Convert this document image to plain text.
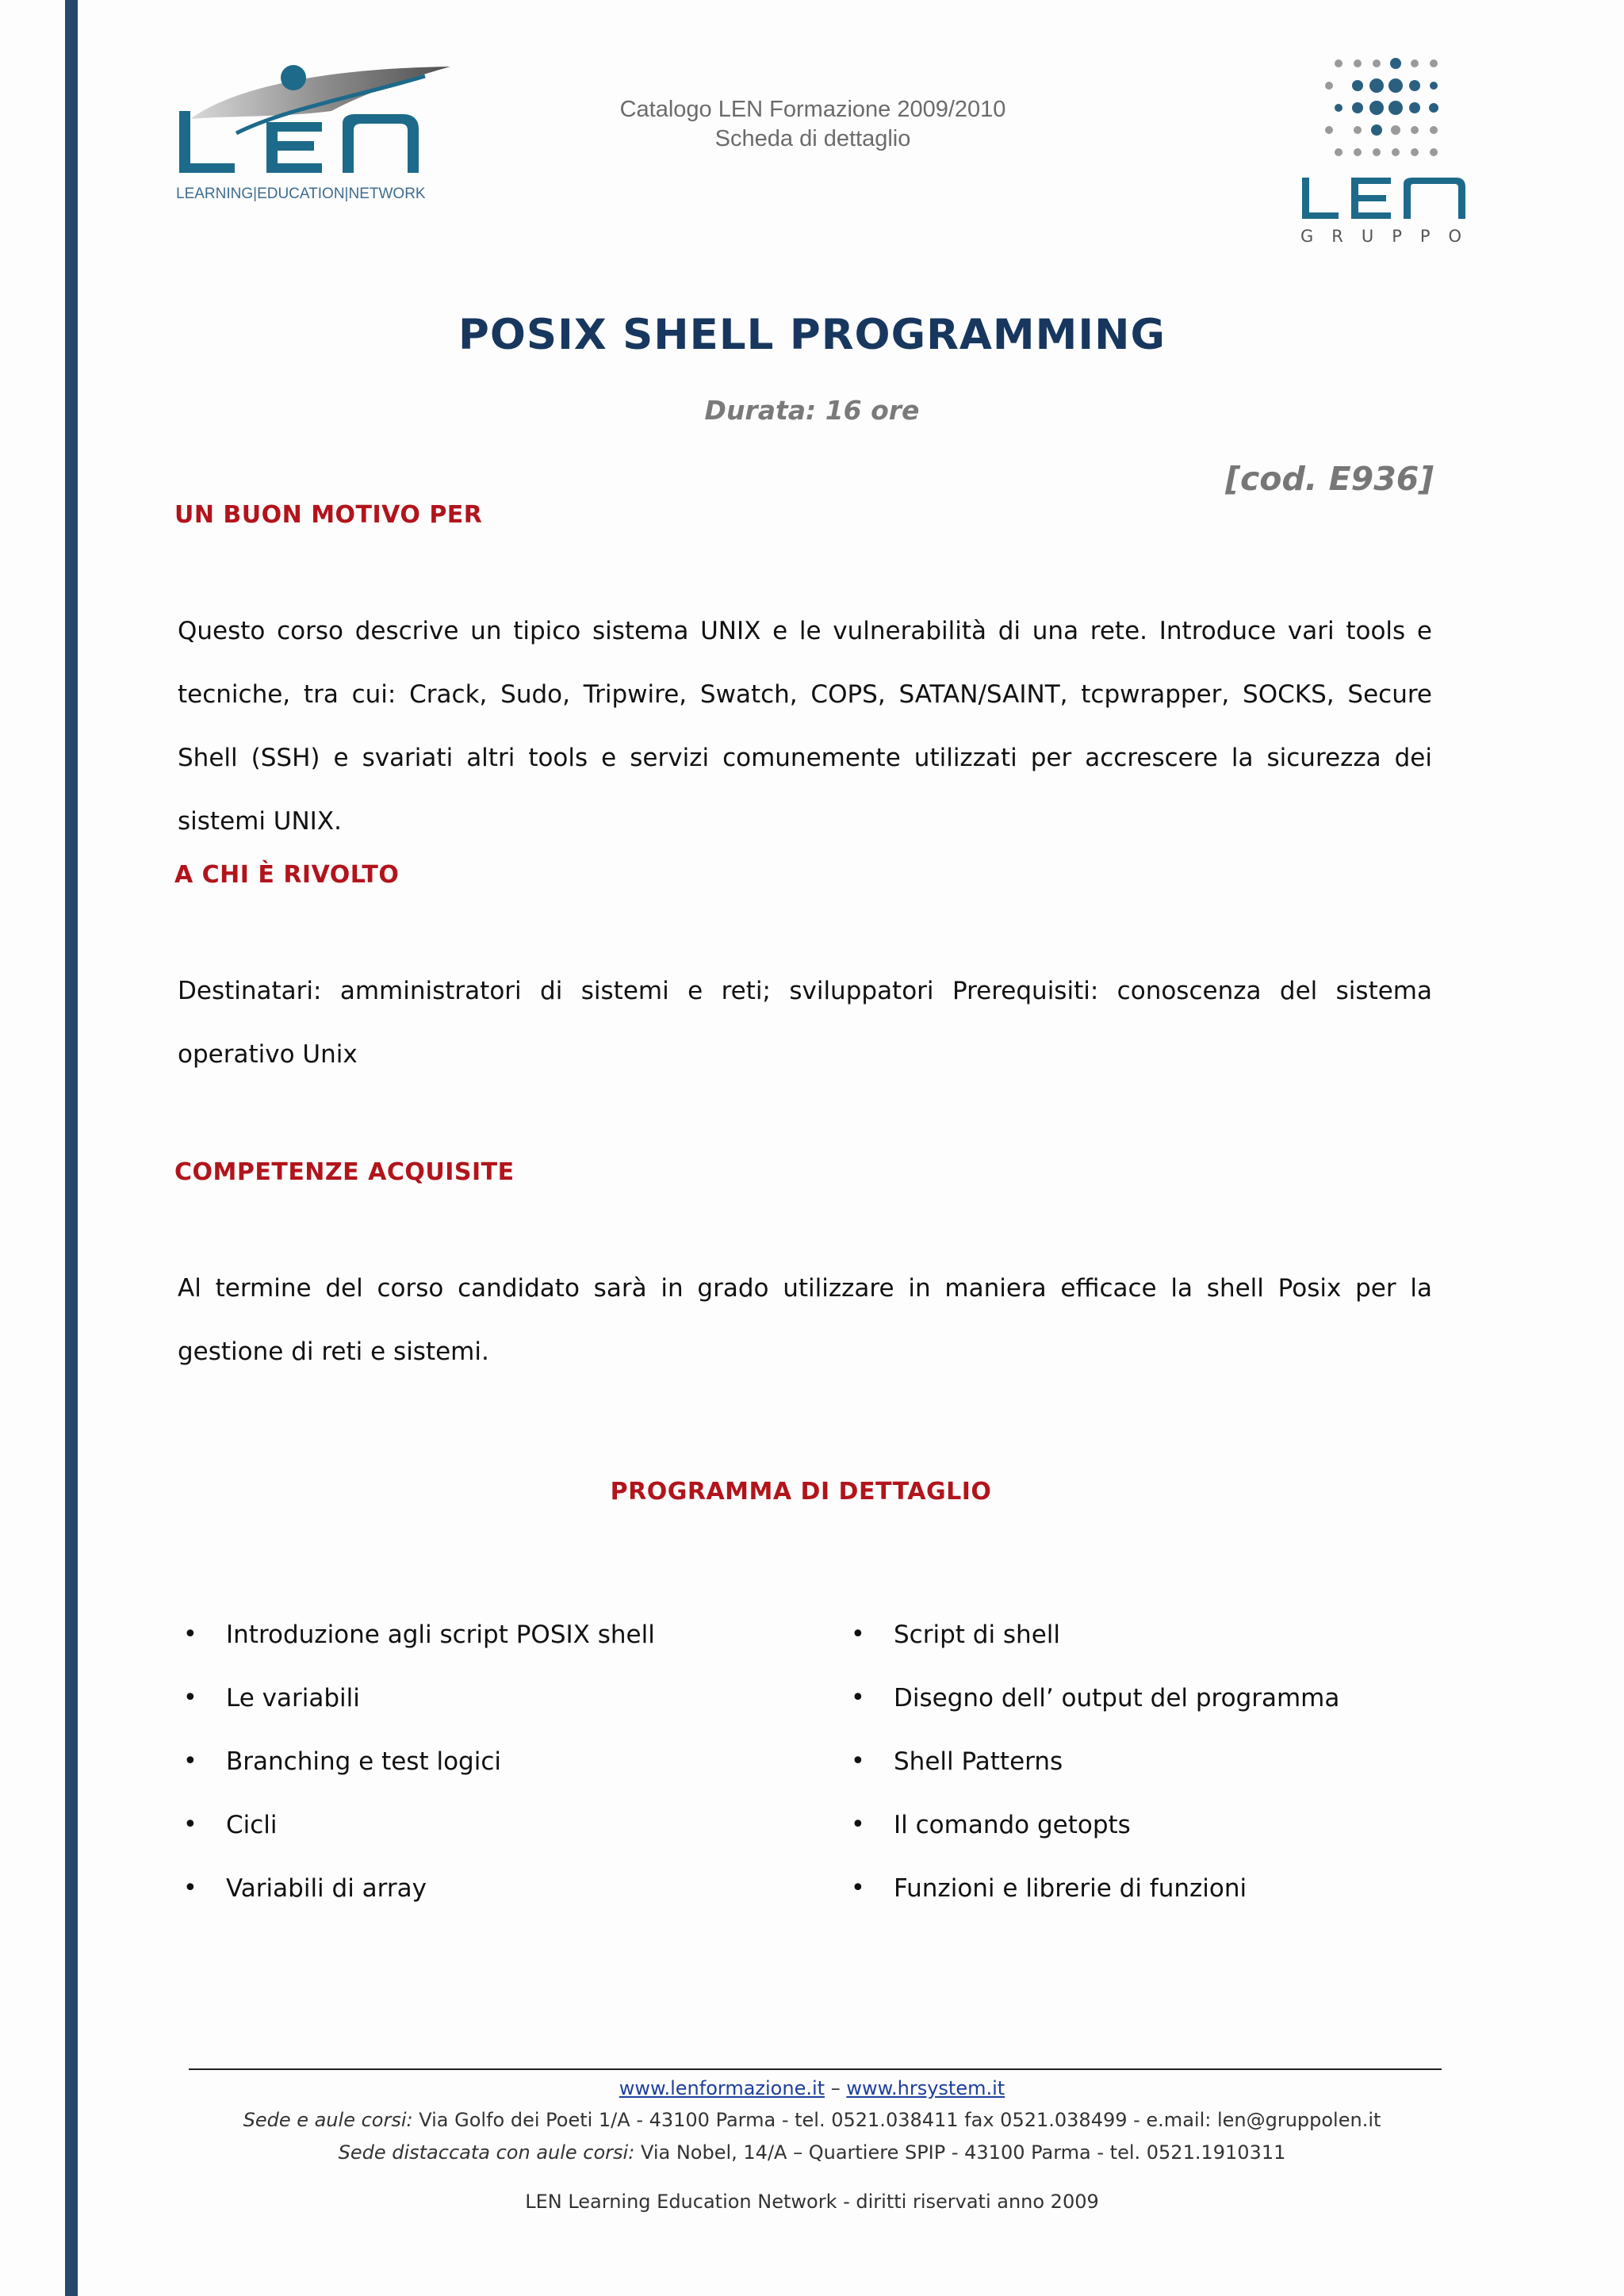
LEARNING|EDUCATION|NETWORK
Catalogo LEN Formazione 2009/2010
Scheda di dettaglio
GRUPPO
POSIX SHELL PROGRAMMING
Durata: 16 ore
[cod. E936]
UN BUON MOTIVO PER

Questo corso descrive un tipico sistema UNIX e le vulnerabilità di una rete. Introduce vari tools e tecniche, tra cui: Crack, Sudo, Tripwire, Swatch, COPS, SATAN/SAINT, tcpwrapper, SOCKS, Secure Shell (SSH) e svariati altri tools e servizi comunemente utilizzati per accrescere la sicurezza dei sistemi UNIX.

A CHI È RIVOLTO

Destinatari: amministratori di sistemi e reti; sviluppatori Prerequisiti: conoscenza del sistema operativo Unix

COMPETENZE ACQUISITE

Al termine del corso candidato sarà in grado utilizzare in maniera efficace la shell Posix per la gestione di reti e sistemi.

PROGRAMMA DI DETTAGLIO
• Introduzione agli script POSIX shell
• Le variabili
• Branching e test logici
• Cicli
• Variabili di array
• Script di shell
• Disegno dell’ output del programma
• Shell Patterns
• Il comando getopts
• Funzioni e librerie di funzioni
www.lenformazione.it – www.hrsystem.it
Sede e aule corsi: Via Golfo dei Poeti 1/A - 43100 Parma - tel. 0521.038411 fax 0521.038499 - e.mail: len@gruppolen.it
Sede distaccata con aule corsi: Via Nobel, 14/A – Quartiere SPIP - 43100 Parma - tel. 0521.1910311
LEN Learning Education Network - diritti riservati anno 2009
